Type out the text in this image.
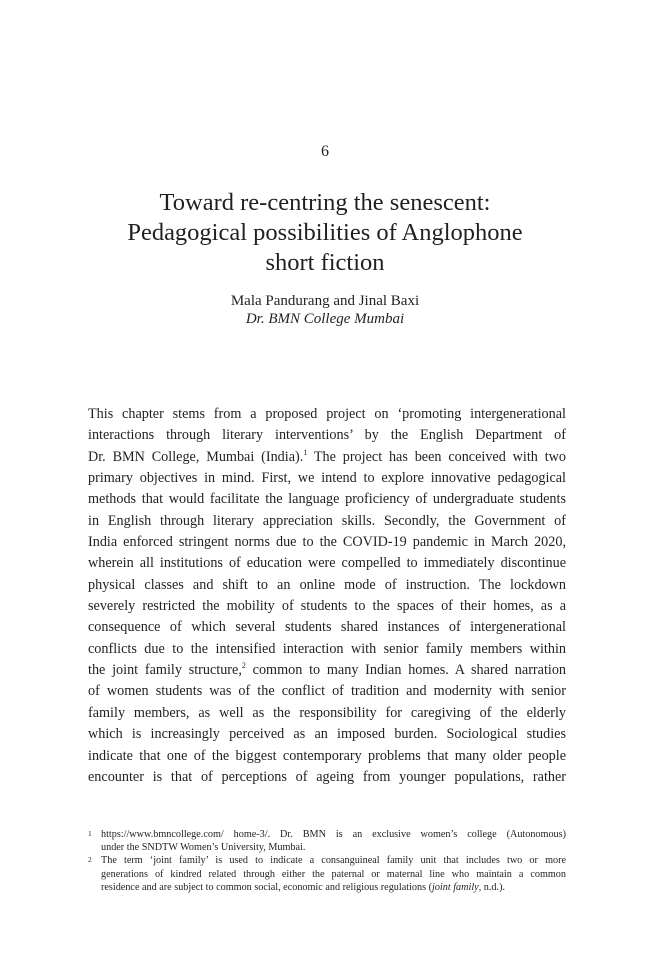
6
Toward re-centring the senescent:
Pedagogical possibilities of Anglophone
short fiction
Mala Pandurang and Jinal Baxi
Dr. BMN College Mumbai
This chapter stems from a proposed project on ‘promoting intergenerational
interactions through literary interventions’ by the English Department of
Dr. BMN College, Mumbai (India).$^1$ The project has been conceived with two
primary objectives in mind. First, we intend to explore innovative pedagogical
methods that would facilitate the language proficiency of undergraduate students
in English through literary appreciation skills. Secondly, the Government of
India enforced stringent norms due to the COVID-19 pandemic in March 2020,
wherein all institutions of education were compelled to immediately discontinue
physical classes and shift to an online mode of instruction. The lockdown
severely restricted the mobility of students to the spaces of their homes, as a
consequence of which several students shared instances of intergenerational
conflicts due to the intensified interaction with senior family members within
the joint family structure,$^2$ common to many Indian homes. A shared narration
of women students was of the conflict of tradition and modernity with senior
family members, as well as the responsibility for caregiving of the elderly
which is increasingly perceived as an imposed burden. Sociological studies
indicate that one of the biggest contemporary problems that many older people
encounter is that of perceptions of ageing from younger populations, rather
1 https://www.bmncollege.com/ home-3/. Dr. BMN is an exclusive women’s college (Autonomous)
under the SNDTW Women’s University, Mumbai.
2 The term ‘joint family’ is used to indicate a consanguineal family unit that includes two or more
generations of kindred related through either the paternal or maternal line who maintain a common
residence and are subject to common social, economic and religious regulations (joint family, n.d.).
